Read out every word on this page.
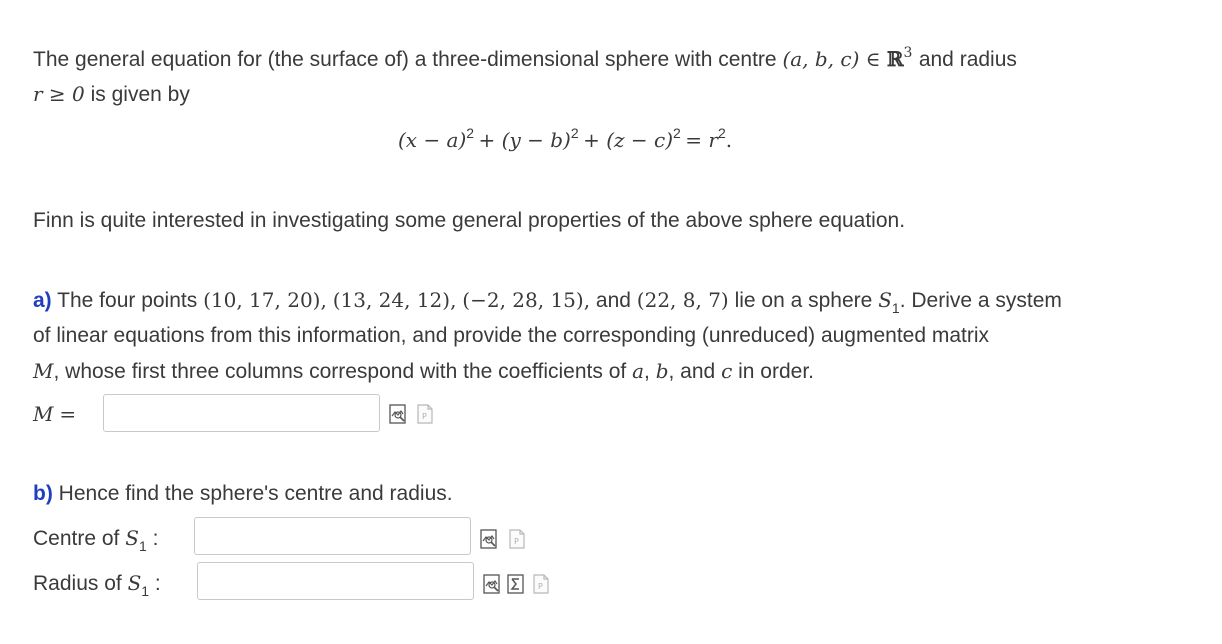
The general equation for (the surface of) a three-dimensional sphere with centre (a, b, c) ∈ ℝ$^3$ and radius
r ≥ 0 is given by
(x − a)2 + (y − b)2 + (z − c)2 = r2.
Finn is quite interested in investigating some general properties of the above sphere equation.
a) The four points (10, 17, 20), (13, 24, 12), (−2, 28, 15), and (22, 8, 7) lie on a sphere $S_1$. Derive a system
of linear equations from this information, and provide the corresponding (unreduced) augmented matrix
M, whose first three columns correspond with the coefficients of a, b, and c in order.
M =	P
b) Hence find the sphere's centre and radius.
Centre of $S_1$ :	P
Radius of $S_1$ :	P
